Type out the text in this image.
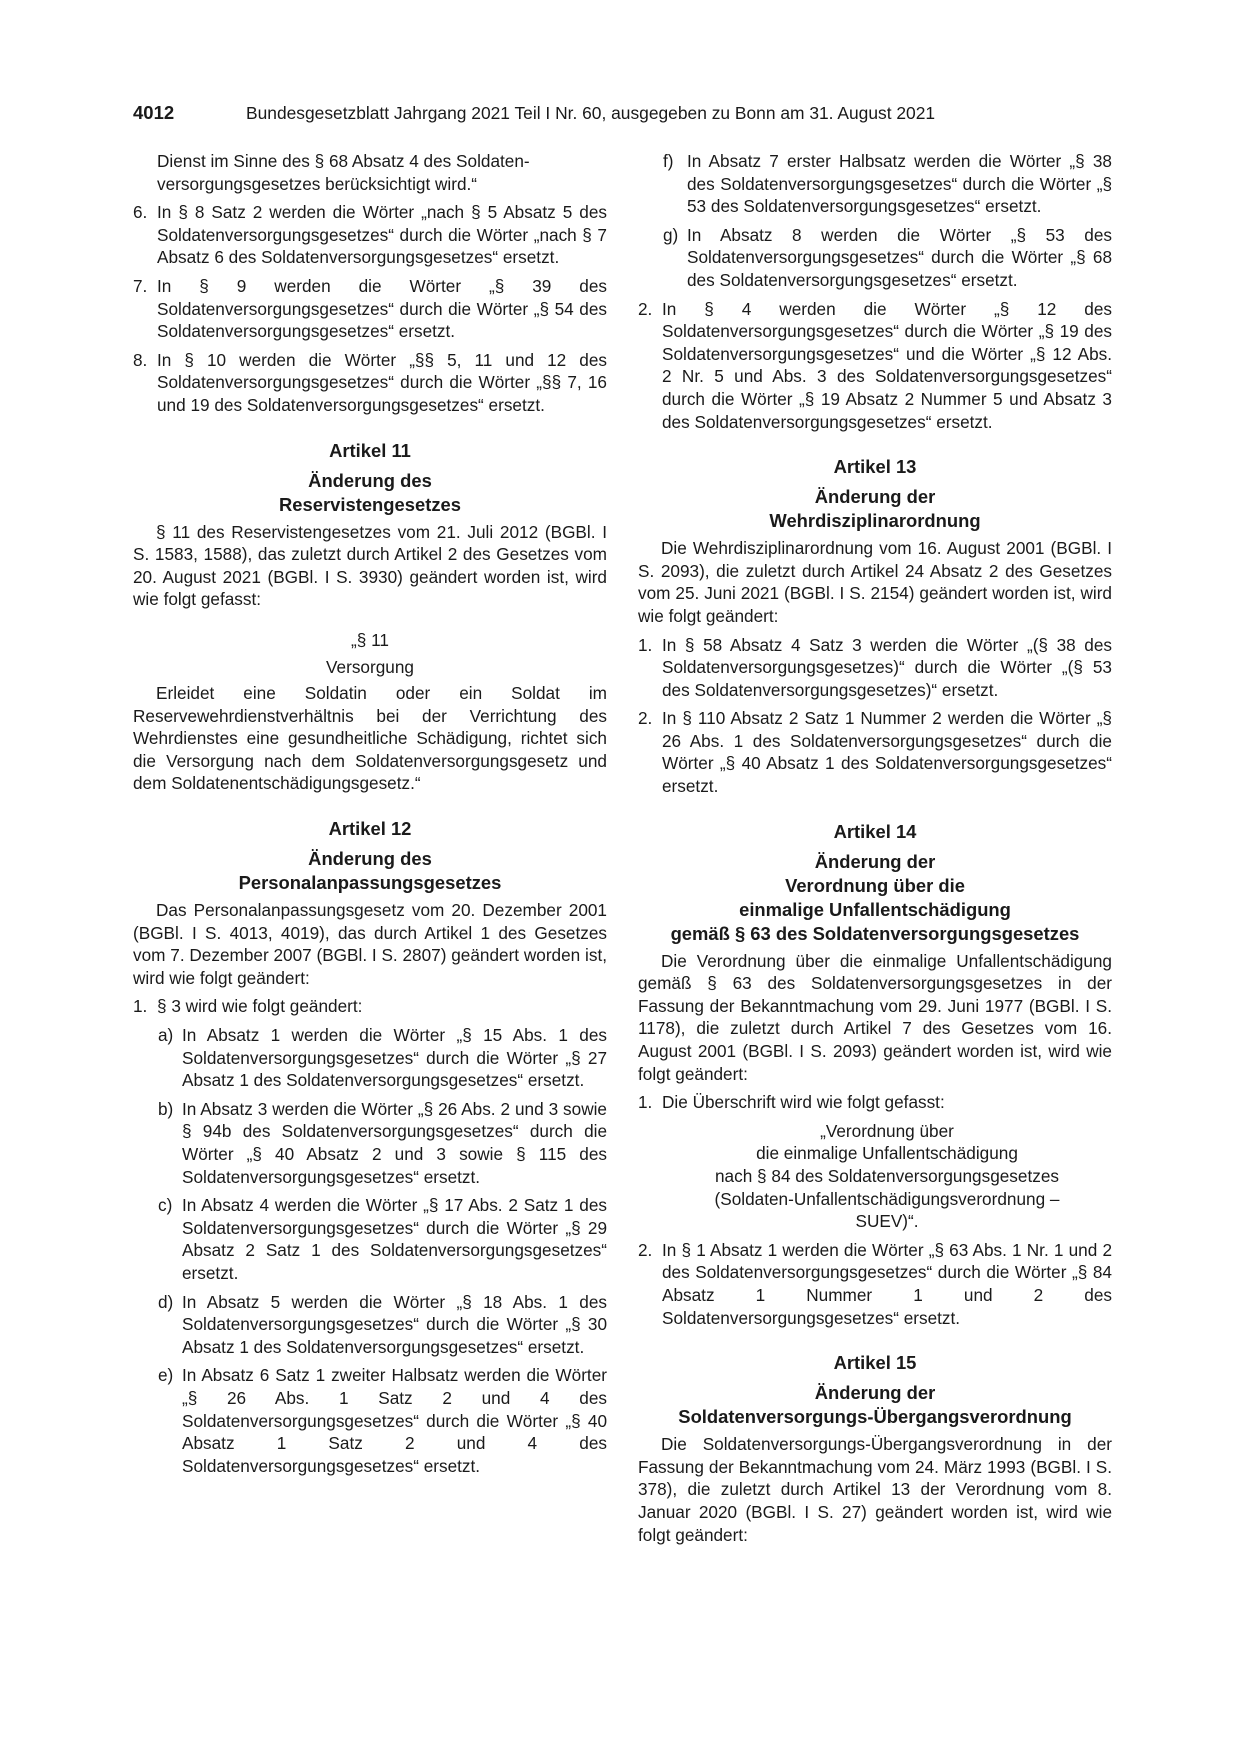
4012	Bundesgesetzblatt Jahrgang 2021 Teil I Nr. 60, ausgegeben zu Bonn am 31. August 2021
Dienst im Sinne des § 68 Absatz 4 des Soldaten-
versorgungsgesetzes berücksichtigt wird.“
6. In § 8 Satz 2 werden die Wörter „nach § 5 Absatz 5 des Soldatenversorgungsgesetzes“ durch die Wörter „nach § 7 Absatz 6 des Soldatenversorgungsgesetzes“ ersetzt.
7. In § 9 werden die Wörter „§ 39 des Soldatenversorgungsgesetzes“ durch die Wörter „§ 54 des Soldatenversorgungsgesetzes“ ersetzt.
8. In § 10 werden die Wörter „§§ 5, 11 und 12 des Soldatenversorgungsgesetzes“ durch die Wörter „§§ 7, 16 und 19 des Soldatenversorgungsgesetzes“ ersetzt.
Artikel 11
Änderung des
Reservistengesetzes

§ 11 des Reservistengesetzes vom 21. Juli 2012 (BGBl. I S. 1583, 1588), das zuletzt durch Artikel 2 des Gesetzes vom 20. August 2021 (BGBl. I S. 3930) geändert worden ist, wird wie folgt gefasst:

„§ 11
Versorgung

Erleidet eine Soldatin oder ein Soldat im Reservewehrdienstverhältnis bei der Verrichtung des Wehrdienstes eine gesundheitliche Schädigung, richtet sich die Versorgung nach dem Soldatenversorgungsgesetz und dem Soldatenentschädigungsgesetz.“

Artikel 12
Änderung des
Personalanpassungsgesetzes

Das Personalanpassungsgesetz vom 20. Dezember 2001 (BGBl. I S. 4013, 4019), das durch Artikel 1 des Gesetzes vom 7. Dezember 2007 (BGBl. I S. 2807) geändert worden ist, wird wie folgt geändert:

1. § 3 wird wie folgt geändert:
a) In Absatz 1 werden die Wörter „§ 15 Abs. 1 des Soldatenversorgungsgesetzes“ durch die Wörter „§ 27 Absatz 1 des Soldatenversorgungsgesetzes“ ersetzt.
b) In Absatz 3 werden die Wörter „§ 26 Abs. 2 und 3 sowie § 94b des Soldatenversorgungsgesetzes“ durch die Wörter „§ 40 Absatz 2 und 3 sowie § 115 des Soldatenversorgungsgesetzes“ ersetzt.
c) In Absatz 4 werden die Wörter „§ 17 Abs. 2 Satz 1 des Soldatenversorgungsgesetzes“ durch die Wörter „§ 29 Absatz 2 Satz 1 des Soldatenversorgungsgesetzes“ ersetzt.
d) In Absatz 5 werden die Wörter „§ 18 Abs. 1 des Soldatenversorgungsgesetzes“ durch die Wörter „§ 30 Absatz 1 des Soldatenversorgungsgesetzes“ ersetzt.
e) In Absatz 6 Satz 1 zweiter Halbsatz werden die Wörter „§ 26 Abs. 1 Satz 2 und 4 des Soldatenversorgungsgesetzes“ durch die Wörter „§ 40 Absatz 1 Satz 2 und 4 des Soldatenversorgungsgesetzes“ ersetzt.
f) In Absatz 7 erster Halbsatz werden die Wörter „§ 38 des Soldatenversorgungsgesetzes“ durch die Wörter „§ 53 des Soldatenversorgungsgesetzes“ ersetzt.
g) In Absatz 8 werden die Wörter „§ 53 des Soldatenversorgungsgesetzes“ durch die Wörter „§ 68 des Soldatenversorgungsgesetzes“ ersetzt.
2. In § 4 werden die Wörter „§ 12 des Soldatenversorgungsgesetzes“ durch die Wörter „§ 19 des Soldatenversorgungsgesetzes“ und die Wörter „§ 12 Abs. 2 Nr. 5 und Abs. 3 des Soldatenversorgungsgesetzes“ durch die Wörter „§ 19 Absatz 2 Nummer 5 und Absatz 3 des Soldatenversorgungsgesetzes“ ersetzt.
Artikel 13
Änderung der
Wehrdisziplinarordnung

Die Wehrdisziplinarordnung vom 16. August 2001 (BGBl. I S. 2093), die zuletzt durch Artikel 24 Absatz 2 des Gesetzes vom 25. Juni 2021 (BGBl. I S. 2154) geändert worden ist, wird wie folgt geändert:

1. In § 58 Absatz 4 Satz 3 werden die Wörter „(§ 38 des Soldatenversorgungsgesetzes)“ durch die Wörter „(§ 53 des Soldatenversorgungsgesetzes)“ ersetzt.
2. In § 110 Absatz 2 Satz 1 Nummer 2 werden die Wörter „§ 26 Abs. 1 des Soldatenversorgungsgesetzes“ durch die Wörter „§ 40 Absatz 1 des Soldatenversorgungsgesetzes“ ersetzt.
Artikel 14
Änderung der
Verordnung über die
einmalige Unfallentschädigung
gemäß § 63 des Soldatenversorgungsgesetzes

Die Verordnung über die einmalige Unfallentschädigung gemäß § 63 des Soldatenversorgungsgesetzes in der Fassung der Bekanntmachung vom 29. Juni 1977 (BGBl. I S. 1178), die zuletzt durch Artikel 7 des Gesetzes vom 16. August 2001 (BGBl. I S. 2093) geändert worden ist, wird wie folgt geändert:

1. Die Überschrift wird wie folgt gefasst:
„Verordnung über
die einmalige Unfallentschädigung
nach § 84 des Soldatenversorgungsgesetzes
(Soldaten-Unfallentschädigungsverordnung –
SUEV)“.
2. In § 1 Absatz 1 werden die Wörter „§ 63 Abs. 1 Nr. 1 und 2 des Soldatenversorgungsgesetzes“ durch die Wörter „§ 84 Absatz 1 Nummer 1 und 2 des Soldatenversorgungsgesetzes“ ersetzt.
Artikel 15
Änderung der
Soldatenversorgungs-Übergangsverordnung

Die Soldatenversorgungs-Übergangsverordnung in der Fassung der Bekanntmachung vom 24. März 1993 (BGBl. I S. 378), die zuletzt durch Artikel 13 der Verordnung vom 8. Januar 2020 (BGBl. I S. 27) geändert worden ist, wird wie folgt geändert:
